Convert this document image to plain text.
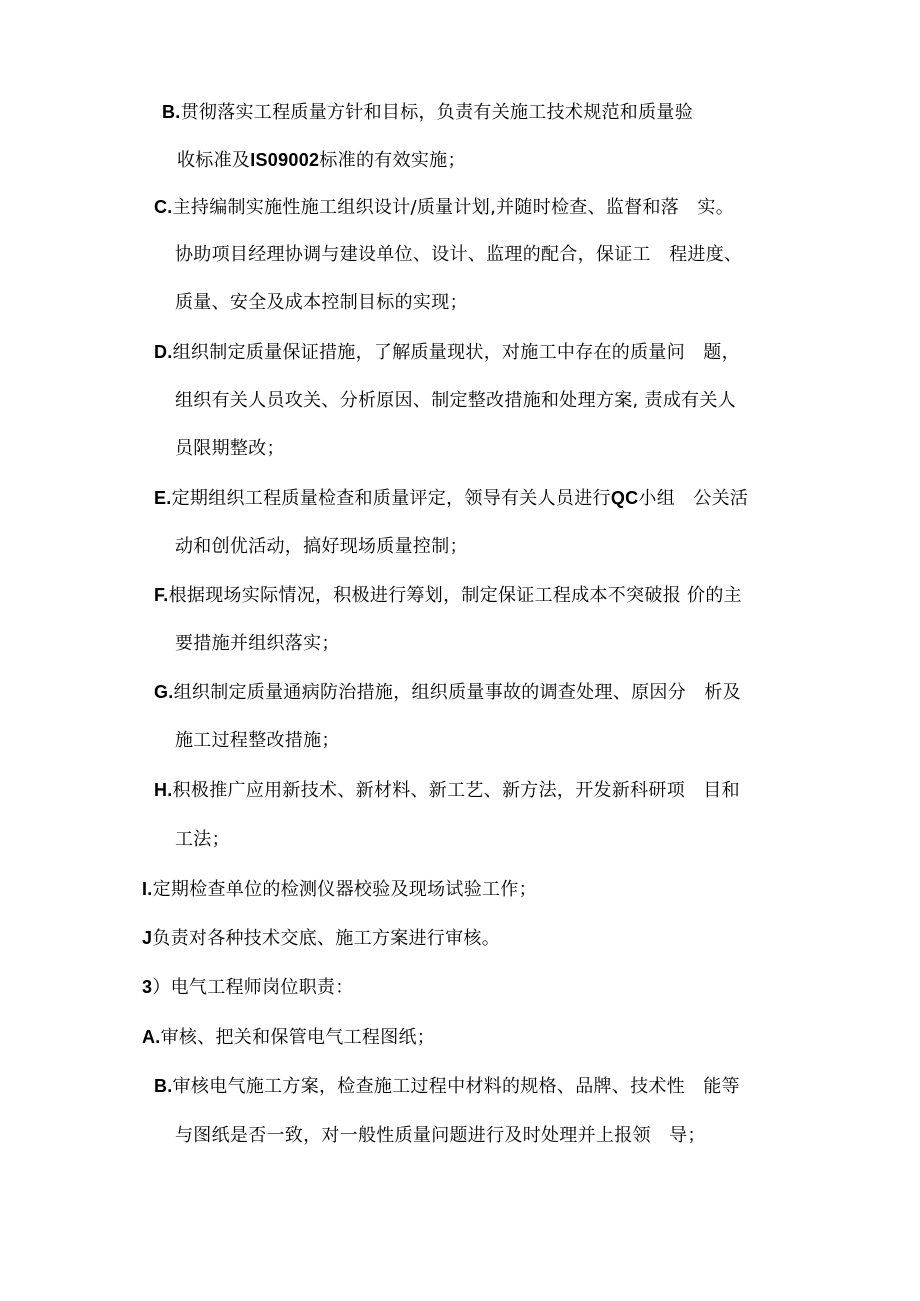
B.贯彻落实工程质量方针和目标，负责有关施工技术规范和质量验
收标准及IS09002标准的有效实施；
C.主持编制实施性施工组织设计/质量计划,并随时检查、监督和落　实。
协助项目经理协调与建设单位、设计、监理的配合，保证工　程进度、
质量、安全及成本控制目标的实现；
D.组织制定质量保证措施，了解质量现状，对施工中存在的质量问　题，
组织有关人员攻关、分析原因、制定整改措施和处理方案, 责成有关人
员限期整改；
E.定期组织工程质量检查和质量评定，领导有关人员进行QC小组　公关活
动和创优活动，搞好现场质量控制；
F.根据现场实际情况，积极进行筹划，制定保证工程成本不突破报 价的主
要措施并组织落实；
G.组织制定质量通病防治措施，组织质量事故的调查处理、原因分　析及
施工过程整改措施；
H.积极推广应用新技术、新材料、新工艺、新方法，开发新科研项　目和
工法；
I.定期检查单位的检测仪器校验及现场试验工作；
J负责对各种技术交底、施工方案进行审核。
3）电气工程师岗位职责：
A.审核、把关和保管电气工程图纸；
B.审核电气施工方案，检查施工过程中材料的规格、品牌、技术性　能等
与图纸是否一致，对一般性质量问题进行及时处理并上报领　导；
